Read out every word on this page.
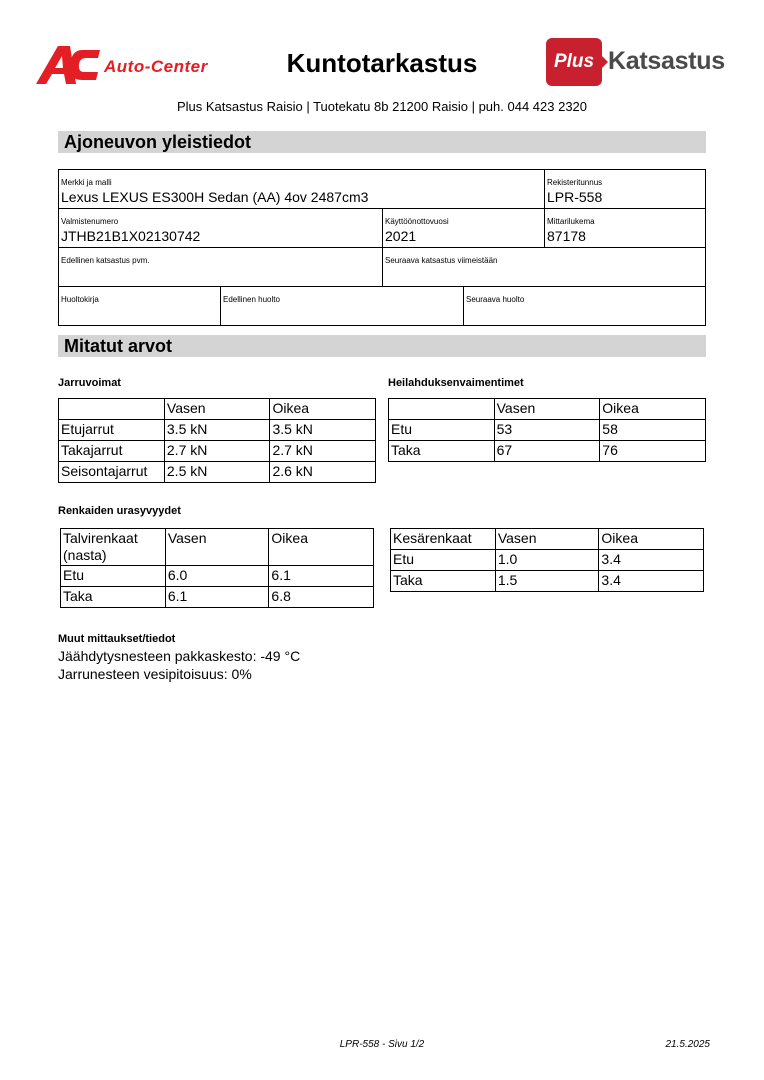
Auto-Center	Kuntotarkastus	Plus Katsastus
Plus Katsastus Raisio | Tuotekatu 8b 21200 Raisio | puh. 044 423 2320
Ajoneuvon yleistiedot
Merkki ja malli
Lexus LEXUS ES300H Sedan (AA) 4ov 2487cm3
Rekisteritunnus
LPR-558
Valmistenumero
JTHB21B1X02130742
Käyttöönottovuosi
2021
Mittarilukema
87178
Edellinen katsastus pvm.	Seuraava katsastus viimeistään
Huoltokirja	Edellinen huolto	Seuraava huolto
Mitatut arvot
Jarruvoimat	Heilahduksenvaimentimet
	Vasen	Oikea
Etujarrut	3.5 kN	3.5 kN
Takajarrut	2.7 kN	2.7 kN
Seisontajarrut	2.5 kN	2.6 kN
	Vasen	Oikea
Etu	53	58
Taka	67	76
Renkaiden urasyvyydet
Talvirenkaat (nasta)	Vasen	Oikea
Etu	6.0	6.1
Taka	6.1	6.8
Kesärenkaat	Vasen	Oikea
Etu	1.0	3.4
Taka	1.5	3.4
Muut mittaukset/tiedot
Jäähdytysnesteen pakkaskesto: -49 °C
Jarrunesteen vesipitoisuus: 0%
LPR-558 - Sivu 1/2	21.5.2025
